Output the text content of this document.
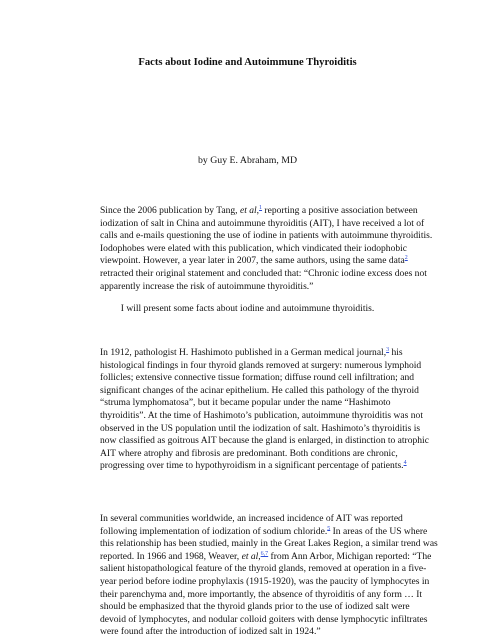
Facts about Iodine and Autoimmune Thyroiditis

by Guy E. Abraham, MD

Since the 2006 publication by Tang, et al,$^1$ reporting a positive association between iodization of salt in China and autoimmune thyroiditis (AIT), I have received a lot of calls and e-mails questioning the use of iodine in patients with autoimmune thyroiditis. Iodophobes were elated with this publication, which vindicated their iodophobic viewpoint. However, a year later in 2007, the same authors, using the same data$^2$ retracted their original statement and concluded that: “Chronic iodine excess does not apparently increase the risk of autoimmune thyroiditis.”

I will present some facts about iodine and autoimmune thyroiditis.

In 1912, pathologist H. Hashimoto published in a German medical journal,$^3$ his histological findings in four thyroid glands removed at surgery: numerous lymphoid follicles; extensive connective tissue formation; diffuse round cell infiltration; and significant changes of the acinar epithelium. He called this pathology of the thyroid “struma lymphomatosa”, but it became popular under the name “Hashimoto thyroiditis”. At the time of Hashimoto’s publication, autoimmune thyroiditis was not observed in the US population until the iodization of salt. Hashimoto’s thyroiditis is now classified as goitrous AIT because the gland is enlarged, in distinction to atrophic AIT where atrophy and fibrosis are predominant. Both conditions are chronic, progressing over time to hypothyroidism in a significant percentage of patients.$^4$

In several communities worldwide, an increased incidence of AIT was reported following implementation of iodization of sodium chloride.$^5$ In areas of the US where this relationship has been studied, mainly in the Great Lakes Region, a similar trend was reported. In 1966 and 1968, Weaver, et al,$^{6,7}$ from Ann Arbor, Michigan reported: “The salient histopathological feature of the thyroid glands, removed at operation in a five-year period before iodine prophylaxis (1915-1920), was the paucity of lymphocytes in their parenchyma and, more importantly, the absence of thyroiditis of any form … It should be emphasized that the thyroid glands prior to the use of iodized salt were devoid of lymphocytes, and nodular colloid goiters with dense lymphocytic infiltrates were found after the introduction of iodized salt in 1924.”
